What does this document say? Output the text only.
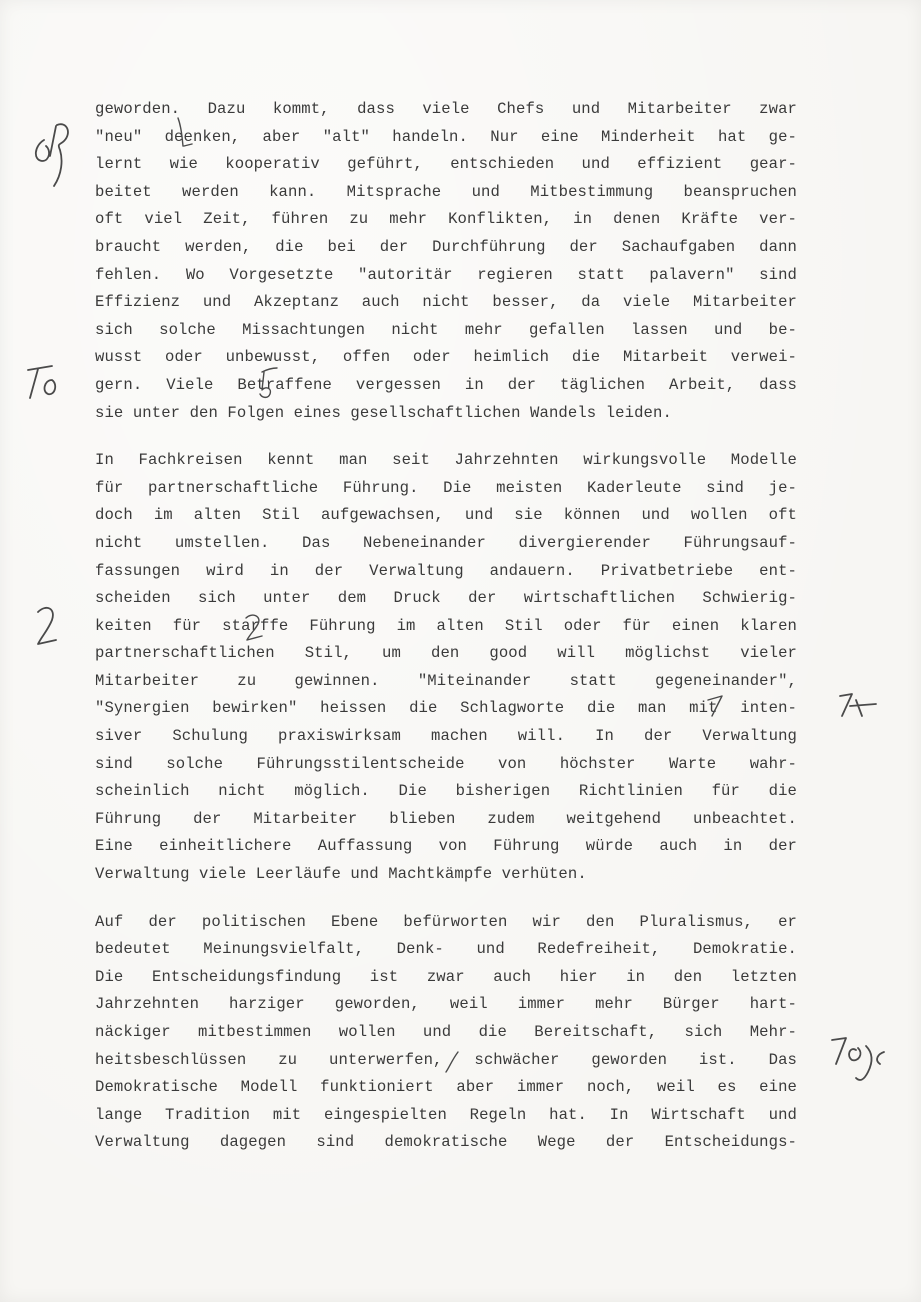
geworden. Dazu kommt, dass viele Chefs und Mitarbeiter zwar
"neu" deenken, aber "alt" handeln. Nur eine Minderheit hat ge-
lernt wie kooperativ geführt, entschieden und effizient gear-
beitet werden kann. Mitsprache und Mitbestimmung beanspruchen
oft viel Zeit, führen zu mehr Konflikten, in denen Kräfte ver-
braucht werden, die bei der Durchführung der Sachaufgaben dann
fehlen. Wo Vorgesetzte "autoritär regieren statt palavern" sind
Effizienz und Akzeptanz auch nicht besser, da viele Mitarbeiter
sich solche Missachtungen nicht mehr gefallen lassen und be-
wusst oder unbewusst, offen oder heimlich die Mitarbeit verwei-
gern. Viele Betraffene vergessen in der täglichen Arbeit, dass
sie unter den Folgen eines gesellschaftlichen Wandels leiden.

In Fachkreisen kennt man seit Jahrzehnten wirkungsvolle Modelle
für partnerschaftliche Führung. Die meisten Kaderleute sind je-
doch im alten Stil aufgewachsen, und sie können und wollen oft
nicht umstellen. Das Nebeneinander divergierender Führungsauf-
fassungen wird in der Verwaltung andauern. Privatbetriebe ent-
scheiden sich unter dem Druck der wirtschaftlichen Schwierig-
keiten für starffe Führung im alten Stil oder für einen klaren
partnerschaftlichen Stil, um den good will möglichst vieler
Mitarbeiter zu gewinnen. "Miteinander statt gegeneinander",
"Synergien bewirken" heissen die Schlagworte die man mit inten-
siver Schulung praxiswirksam machen will. In der Verwaltung
sind solche Führungsstilentscheide von höchster Warte wahr-
scheinlich nicht möglich. Die bisherigen Richtlinien für die
Führung der Mitarbeiter blieben zudem weitgehend unbeachtet.
Eine einheitlichere Auffassung von Führung würde auch in der
Verwaltung viele Leerläufe und Machtkämpfe verhüten.

Auf der politischen Ebene befürworten wir den Pluralismus, er
bedeutet Meinungsvielfalt, Denk- und Redefreiheit, Demokratie.
Die Entscheidungsfindung ist zwar auch hier in den letzten
Jahrzehnten harziger geworden, weil immer mehr Bürger hart-
näckiger mitbestimmen wollen und die Bereitschaft, sich Mehr-
heitsbeschlüssen zu unterwerfen, schwächer geworden ist. Das
Demokratische Modell funktioniert aber immer noch, weil es eine
lange Tradition mit eingespielten Regeln hat. In Wirtschaft und
Verwaltung dagegen sind demokratische Wege der Entscheidungs-
